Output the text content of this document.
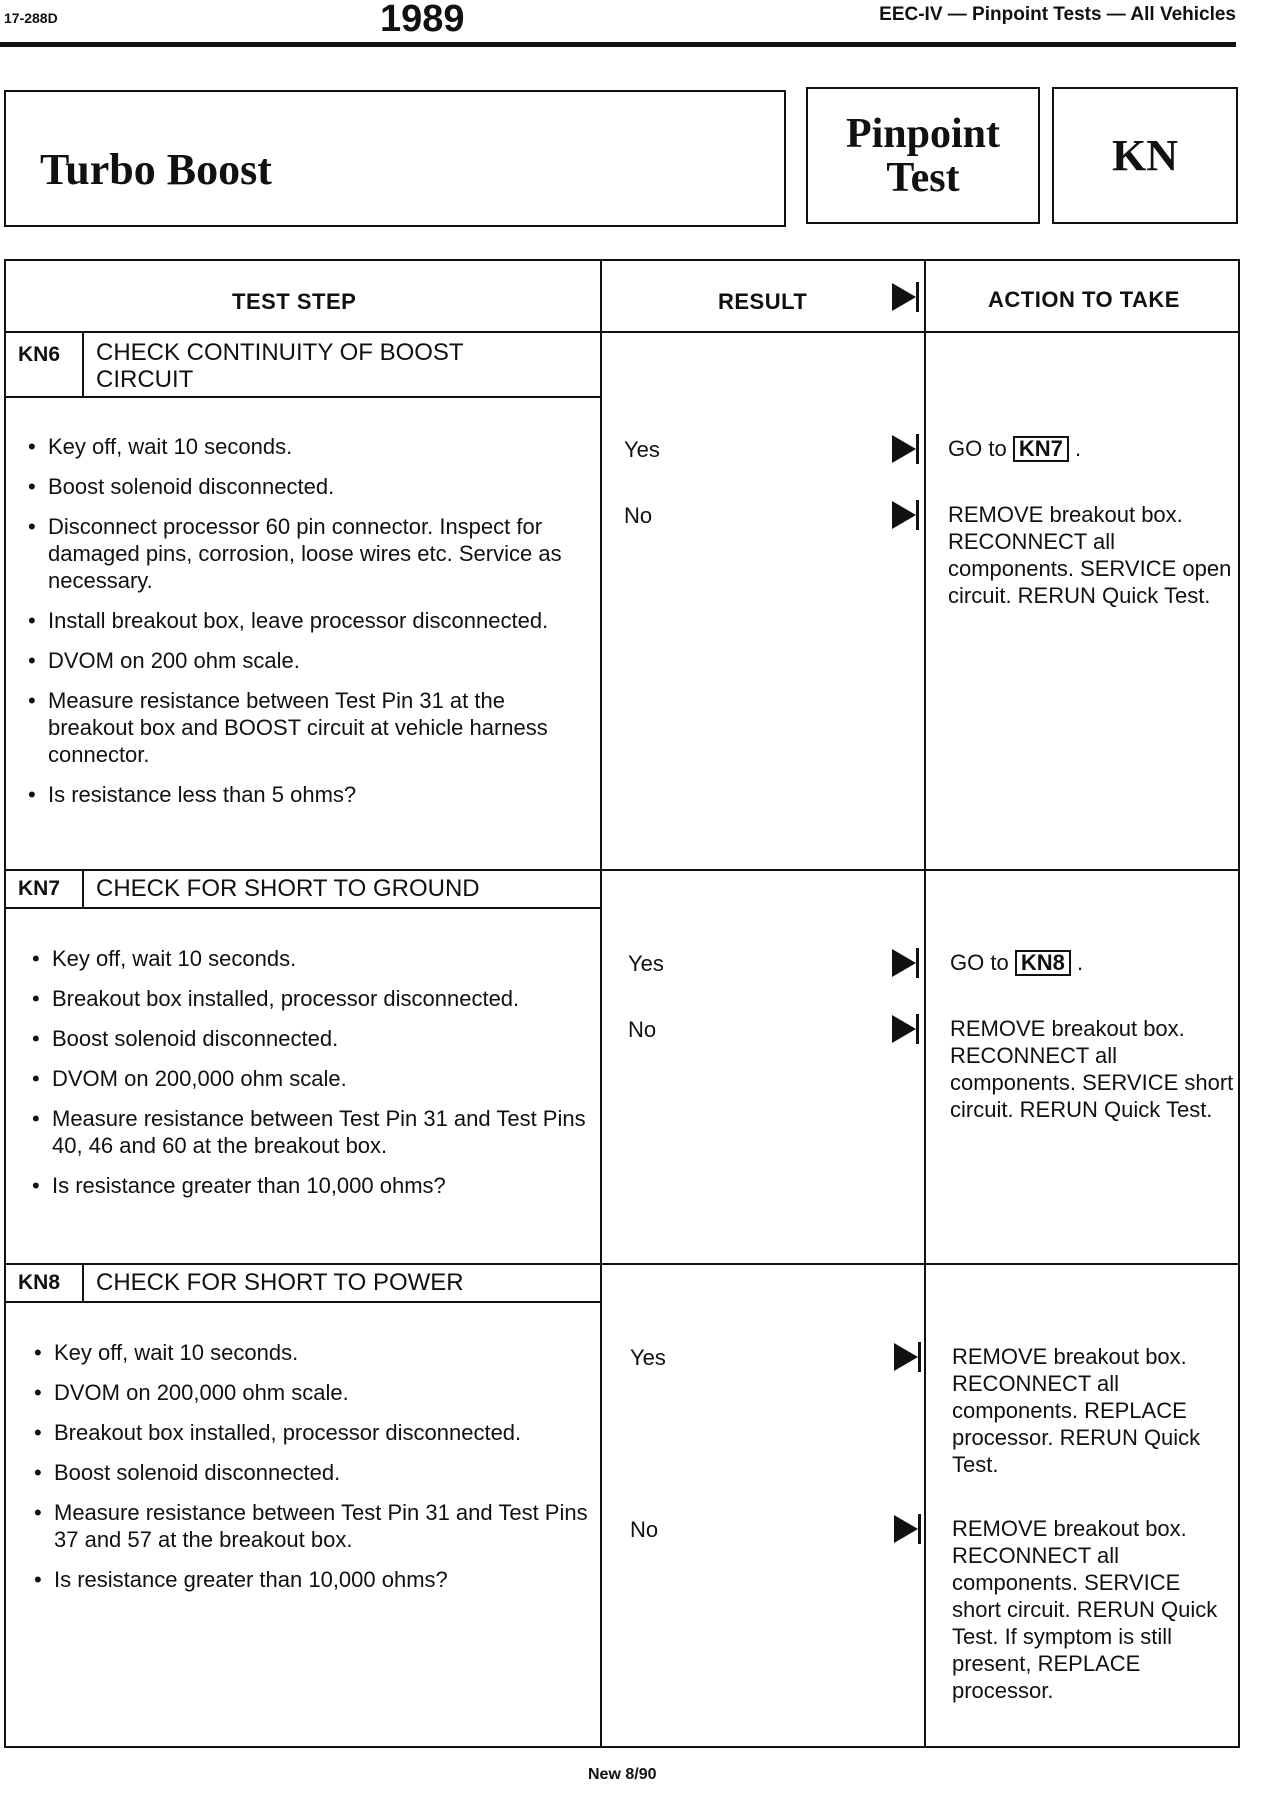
17-288D	1989	EEC-IV — Pinpoint Tests — All Vehicles
Turbo Boost
Pinpoint
Test	KN
TEST STEP	RESULT	ACTION TO TAKE
KN6 CHECK CONTINUITY OF BOOST CIRCUIT
• Key off, wait 10 seconds.
• Boost solenoid disconnected.
• Disconnect processor 60 pin connector. Inspect for damaged pins, corrosion, loose wires etc. Service as necessary.
• Install breakout box, leave processor disconnected.
• DVOM on 200 ohm scale.
• Measure resistance between Test Pin 31 at the breakout box and BOOST circuit at vehicle harness connector.
• Is resistance less than 5 ohms?
Yes	GO to KN7 .
No	REMOVE breakout box. RECONNECT all components. SERVICE open circuit. RERUN Quick Test.
KN7 CHECK FOR SHORT TO GROUND
• Key off, wait 10 seconds.
• Breakout box installed, processor disconnected.
• Boost solenoid disconnected.
• DVOM on 200,000 ohm scale.
• Measure resistance between Test Pin 31 and Test Pins 40, 46 and 60 at the breakout box.
• Is resistance greater than 10,000 ohms?
Yes	GO to KN8 .
No	REMOVE breakout box. RECONNECT all components. SERVICE short circuit. RERUN Quick Test.
KN8 CHECK FOR SHORT TO POWER
• Key off, wait 10 seconds.
• DVOM on 200,000 ohm scale.
• Breakout box installed, processor disconnected.
• Boost solenoid disconnected.
• Measure resistance between Test Pin 31 and Test Pins 37 and 57 at the breakout box.
• Is resistance greater than 10,000 ohms?
Yes	REMOVE breakout box. RECONNECT all components. REPLACE processor. RERUN Quick Test.
No	REMOVE breakout box. RECONNECT all components. SERVICE short circuit. RERUN Quick Test. If symptom is still present, REPLACE processor.
New 8/90
